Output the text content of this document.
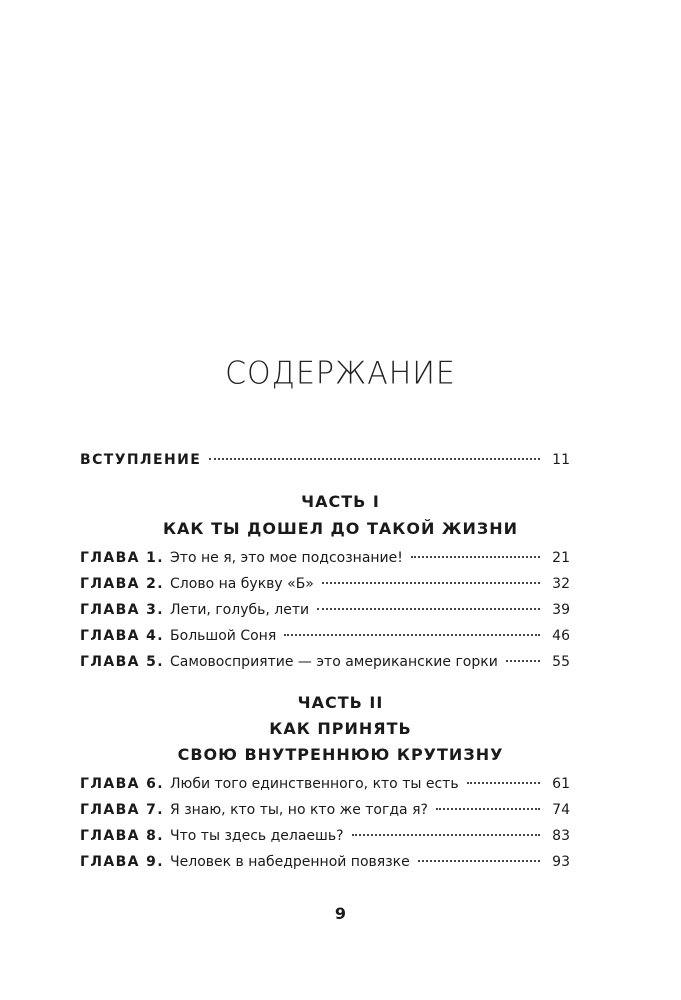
СОДЕРЖАНИЕ
ВСТУПЛЕНИЕ	11
ЧАСТЬ I
КАК ТЫ ДОШЕЛ ДО ТАКОЙ ЖИЗНИ
ГЛАВА 1. Это не я, это мое подсознание!	21
ГЛАВА 2. Слово на букву «Б»	32
ГЛАВА 3. Лети, голубь, лети	39
ГЛАВА 4. Большой Соня	46
ГЛАВА 5. Самовосприятие — это американские горки	55
ЧАСТЬ II
КАК ПРИНЯТЬ
СВОЮ ВНУТРЕННЮЮ КРУТИЗНУ
ГЛАВА 6. Люби того единственного, кто ты есть	61
ГЛАВА 7. Я знаю, кто ты, но кто же тогда я?	74
ГЛАВА 8. Что ты здесь делаешь?	83
ГЛАВА 9. Человек в набедренной повязке	93
9
